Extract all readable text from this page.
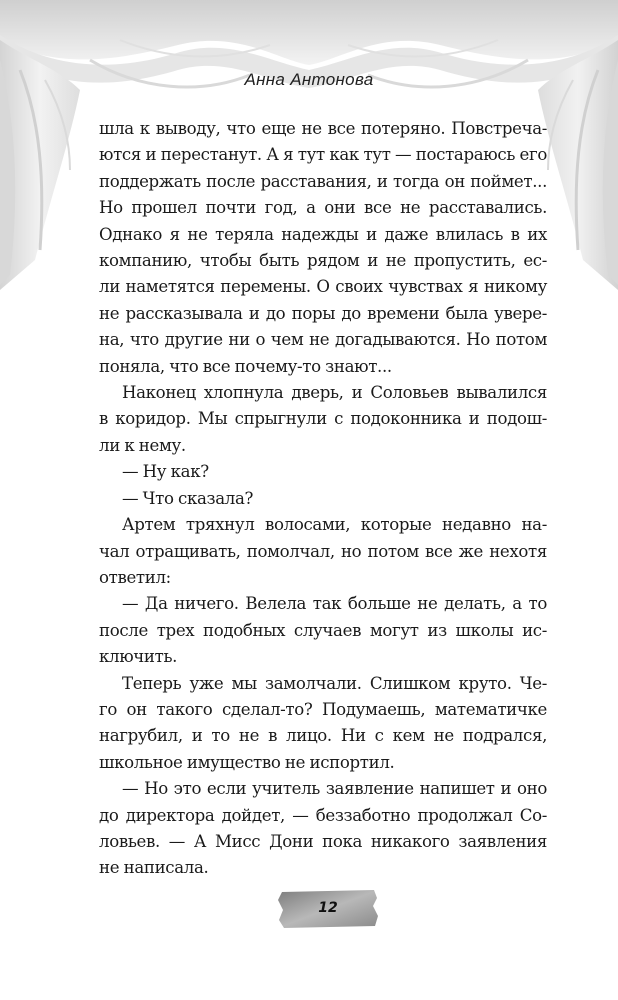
Анна Антонова
шла к выводу, что еще не все потеряно. Повстреча-
ются и перестанут. А я тут как тут — постараюсь его
поддержать после расставания, и тогда он поймет...
Но прошел почти год, а они все не расставались.
Однако я не теряла надежды и даже влилась в их
компанию, чтобы быть рядом и не пропустить, ес-
ли наметятся перемены. О своих чувствах я никому
не рассказывала и до поры до времени была увере-
на, что другие ни о чем не догадываются. Но потом
поняла, что все почему-то знают...
Наконец хлопнула дверь, и Соловьев вывалился
в коридор. Мы спрыгнули с подоконника и подош-
ли к нему.
— Ну как?
— Что сказала?
Артем тряхнул волосами, которые недавно на-
чал отращивать, помолчал, но потом все же нехотя
ответил:
— Да ничего. Велела так больше не делать, а то
после трех подобных случаев могут из школы ис-
ключить.
Теперь уже мы замолчали. Слишком круто. Че-
го он такого сделал-то? Подумаешь, математичке
нагрубил, и то не в лицо. Ни с кем не подрался,
школьное имущество не испортил.
— Но это если учитель заявление напишет и оно
до директора дойдет, — беззаботно продолжал Со-
ловьев. — А Мисс Дони пока никакого заявления
не написала.
12
